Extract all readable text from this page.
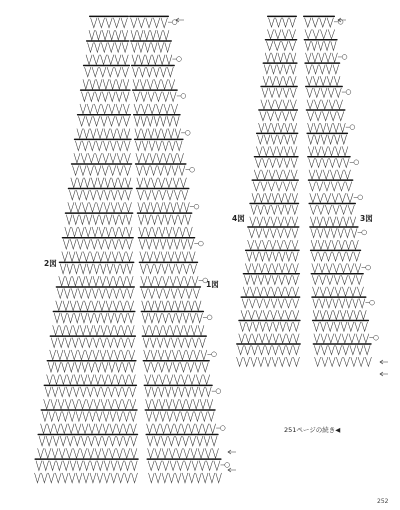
1図
2図
3図
4図
251ページの続き◀
252
